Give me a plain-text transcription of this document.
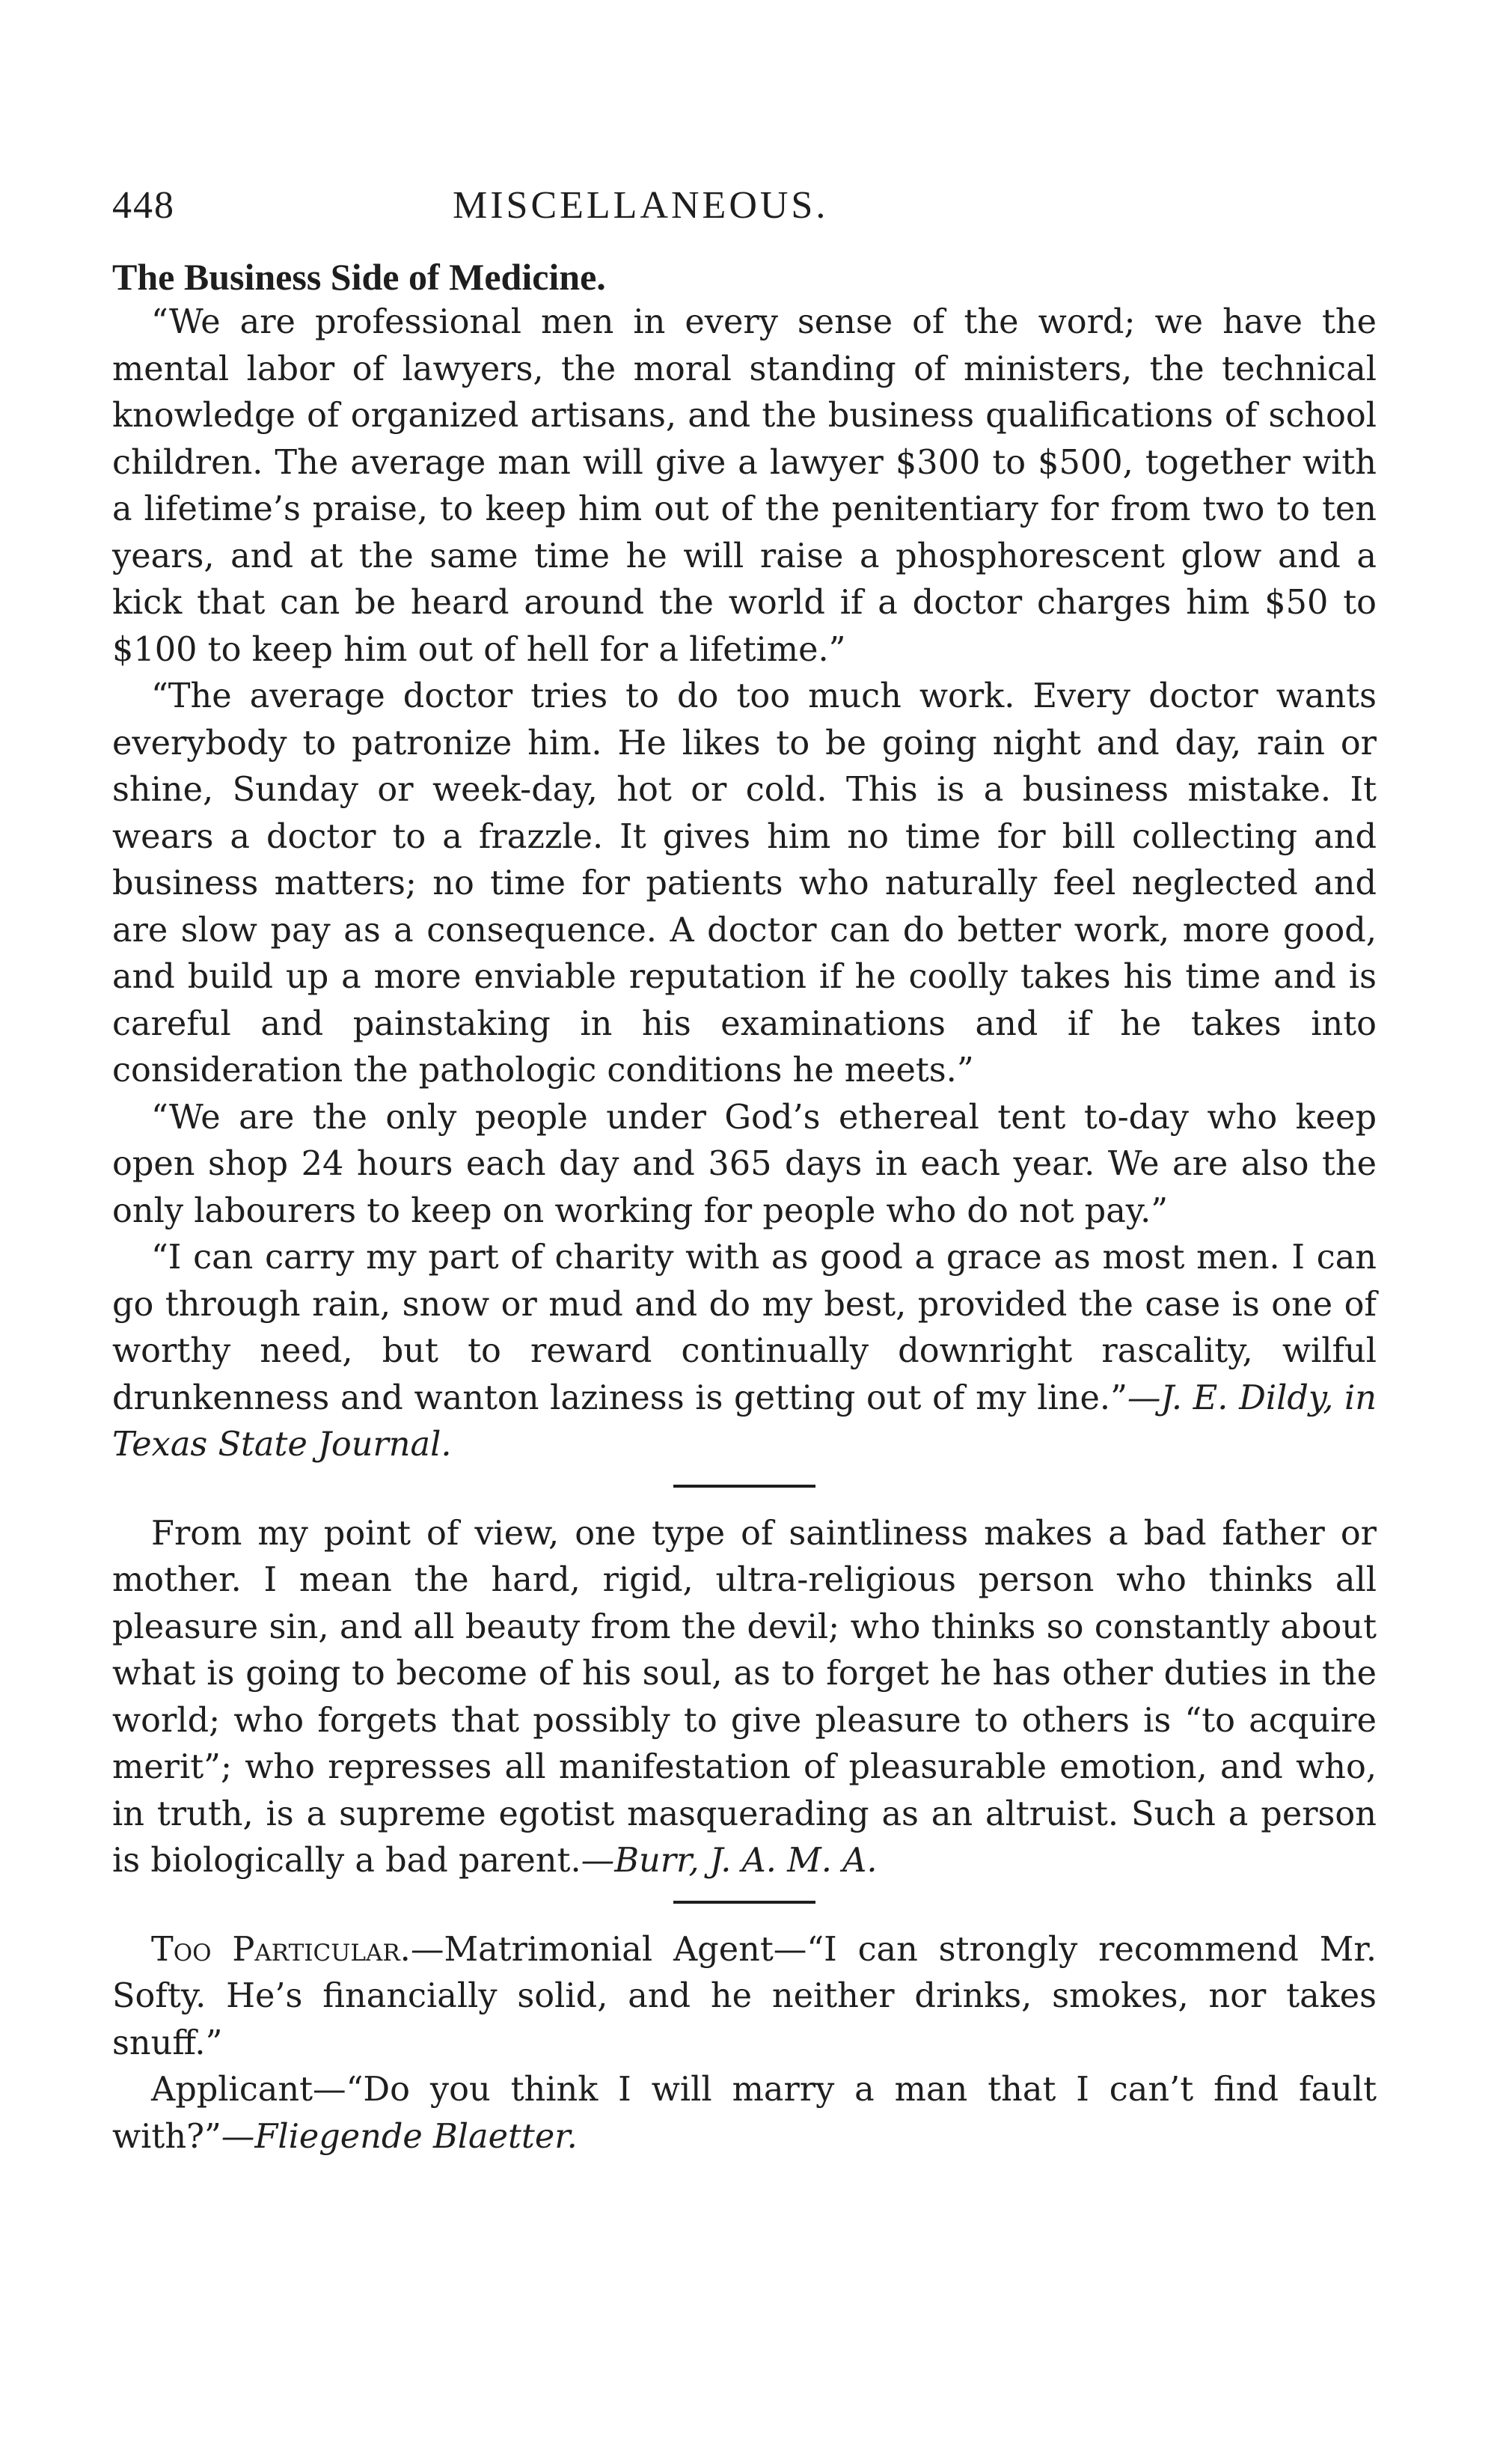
448	MISCELLANEOUS.
The Business Side of Medicine.

“We are professional men in every sense of the word; we have the mental labor of lawyers, the moral standing of ministers, the technical knowledge of organized artisans, and the business qualifications of school children. The average man will give a lawyer $300 to $500, together with a lifetime’s praise, to keep him out of the penitentiary for from two to ten years, and at the same time he will raise a phosphorescent glow and a kick that can be heard around the world if a doctor charges him $50 to $100 to keep him out of hell for a lifetime.”

“The average doctor tries to do too much work. Every doctor wants everybody to patronize him. He likes to be going night and day, rain or shine, Sunday or week-day, hot or cold. This is a business mistake. It wears a doctor to a frazzle. It gives him no time for bill collecting and business matters; no time for patients who naturally feel neglected and are slow pay as a consequence. A doctor can do better work, more good, and build up a more enviable reputation if he coolly takes his time and is careful and painstaking in his examinations and if he takes into consideration the pathologic conditions he meets.”

“We are the only people under God’s ethereal tent to-day who keep open shop 24 hours each day and 365 days in each year. We are also the only labourers to keep on working for people who do not pay.”

“I can carry my part of charity with as good a grace as most men. I can go through rain, snow or mud and do my best, provided the case is one of worthy need, but to reward continually downright rascality, wilful drunkenness and wanton laziness is getting out of my line.”—J. E. Dildy, in Texas State Journal.

From my point of view, one type of saintliness makes a bad father or mother. I mean the hard, rigid, ultra-religious person who thinks all pleasure sin, and all beauty from the devil; who thinks so constantly about what is going to become of his soul, as to forget he has other duties in the world; who forgets that possibly to give pleasure to others is “to acquire merit”; who represses all manifestation of pleasurable emotion, and who, in truth, is a supreme egotist masquerading as an altruist. Such a person is biologically a bad parent.—Burr, J. A. M. A.

Too Particular.—Matrimonial Agent—“I can strongly recommend Mr. Softy. He’s financially solid, and he neither drinks, smokes, nor takes snuff.”

Applicant—“Do you think I will marry a man that I can’t find fault with?”—Fliegende Blaetter.
